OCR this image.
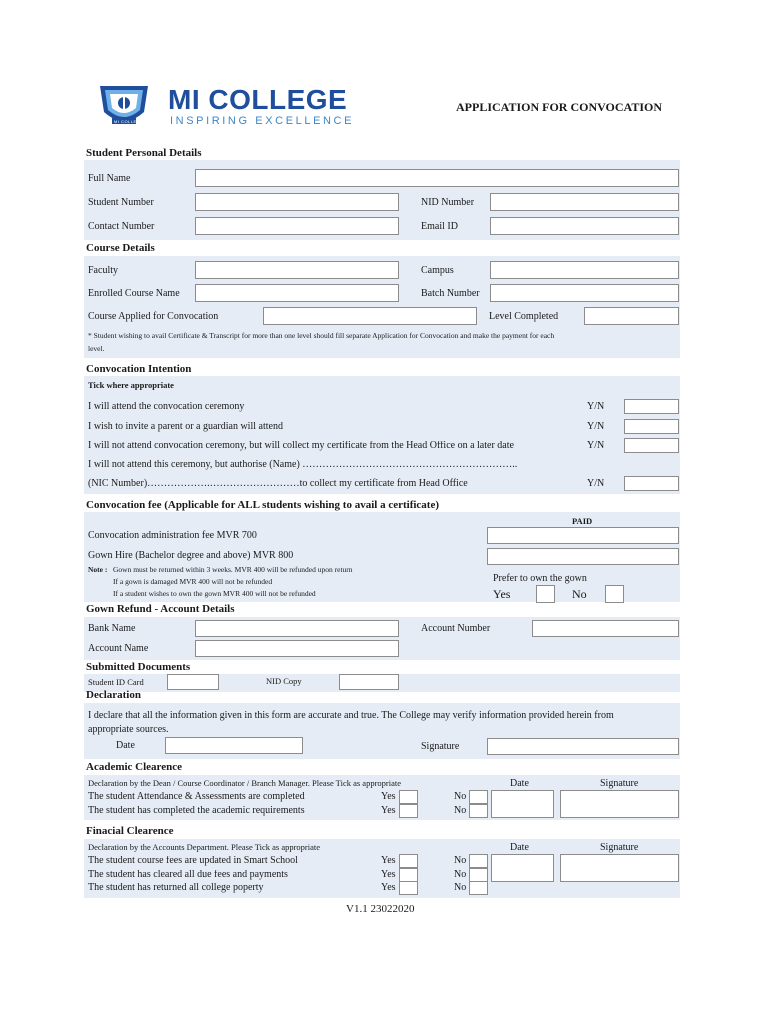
MI COLLEGE
MI COLLEGE
INSPIRING EXCELLENCE
APPLICATION FOR CONVOCATION
Student Personal Details
Full Name
Student Number	NID Number
Contact Number	Email ID
Course Details
Faculty	Campus
Enrolled Course Name	Batch Number
Course Applied for Convocation	Level Completed
* Student wishing to avail Certificate & Transcript for more than one level should fill separate Application for Convocation and make the payment for each
level.
Convocation Intention
Tick where appropriate
I will attend the convocation ceremony	Y/N
I wish to invite a parent or a guardian will attend	Y/N
I will not attend convocation ceremony, but will collect my certificate from the Head Office on a later date	Y/N
I will not attend this ceremony, but authorise (Name) ………………………………………………………..
(NIC Number)……………….………………………to collect my certificate from Head Office	Y/N
Convocation fee (Applicable for ALL students wishing to avail a certificate)
PAID
Convocation administration fee MVR 700
Gown Hire (Bachelor degree and above) MVR 800
Note : Gown must be returned within 3 weeks. MVR 400 will be refunded upon return
If a gown is damaged MVR 400 will not be refunded
If a student wishes to own the gown MVR 400 will not be refunded
Prefer to own the gown
Yes	No
Gown Refund - Account Details
Bank Name	Account Number
Account Name
Submitted Documents
Student ID Card	NID Copy
Declaration
I declare that all the information given in this form are accurate and true. The College may verify information provided herein from
appropriate sources.
Date	Signature
Academic Clearence
Declaration by the Dean / Course Coordinator / Branch Manager. Please Tick as appropriate	Date	Signature
The student Attendance & Assessments are completed	Yes	No
The student has completed the academic requirements	Yes	No
Finacial Clearence
Declaration by the Accounts Department. Please Tick as appropriate	Date	Signature
The student course fees are updated in Smart School	Yes	No
The student has cleared all due fees and payments	Yes	No
The student has returned all college poperty	Yes	No
V1.1 23022020
